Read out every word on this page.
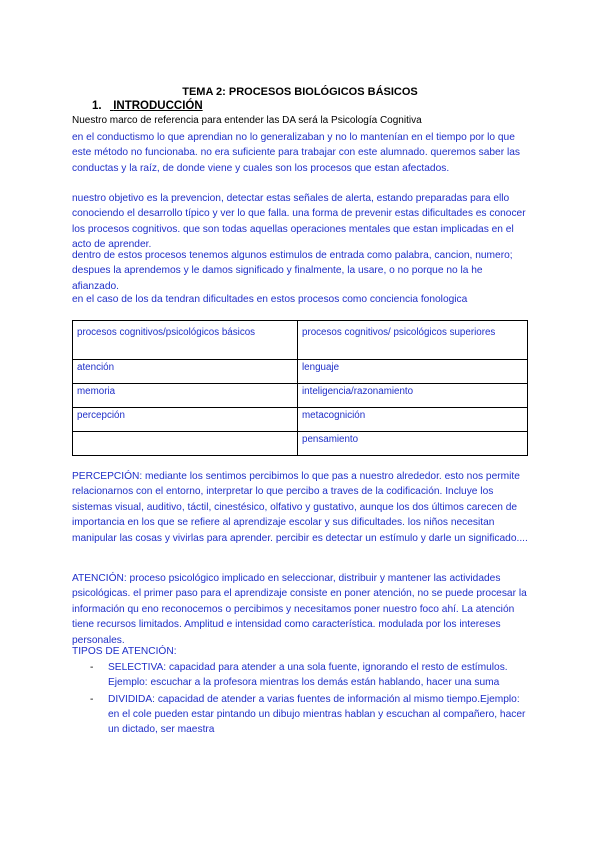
TEMA 2: PROCESOS BIOLÓGICOS BÁSICOS
1. INTRODUCCIÓN
Nuestro marco de referencia para entender las DA será la Psicología Cognitiva

en el conductismo lo que aprendian no lo generalizaban y no lo mantenían en el tiempo por lo que este método no funcionaba. no era suficiente para trabajar con este alumnado. queremos saber las conductas y la raíz, de donde viene y cuales son los procesos que estan afectados.

nuestro objetivo es la prevencion, detectar estas señales de alerta, estando preparadas para ello conociendo el desarrollo típico y ver lo que falla. una forma de prevenir estas dificultades es conocer los procesos cognitivos. que son todas aquellas operaciones mentales que estan implicadas en el acto de aprender.

dentro de estos procesos tenemos algunos estimulos de entrada como palabra, cancion, numero; despues la aprendemos y le damos significado y finalmente, la usare, o no porque no la he afianzado.

en el caso de los da tendran dificultades en estos procesos como conciencia fonologica

procesos cognitivos/psicológicos básicos	procesos cognitivos/ psicológicos superiores
atención	lenguaje
memoria	inteligencia/razonamiento
percepción	metacognición
	pensamiento

PERCEPCIÓN: mediante los sentimos percibimos lo que pas a nuestro alrededor. esto nos permite relacionarnos con el entorno, interpretar lo que percibo a traves de la codificación. Incluye los sistemas visual, auditivo, táctil, cinestésico, olfativo y gustativo, aunque los dos últimos carecen de importancia en los que se refiere al aprendizaje escolar y sus dificultades. los niños necesitan manipular las cosas y vivirlas para aprender. percibir es detectar un estímulo y darle un significado....

ATENCIÓN: proceso psicológico implicado en seleccionar, distribuir y mantener las actividades psicológicas. el primer paso para el aprendizaje consiste en poner atención, no se puede procesar la información qu eno reconocemos o percibimos y necesitamos poner nuestro foco ahí. La atención tiene recursos limitados. Amplitud e intensidad como característica. modulada por los intereses personales.

TIPOS DE ATENCIÓN:
- SELECTIVA: capacidad para atender a una sola fuente, ignorando el resto de estímulos. Ejemplo: escuchar a la profesora mientras los demás están hablando, hacer una suma
- DIVIDIDA: capacidad de atender a varias fuentes de información al mismo tiempo.Ejemplo: en el cole pueden estar pintando un dibujo mientras hablan y escuchan al compañero, hacer un dictado, ser maestra
